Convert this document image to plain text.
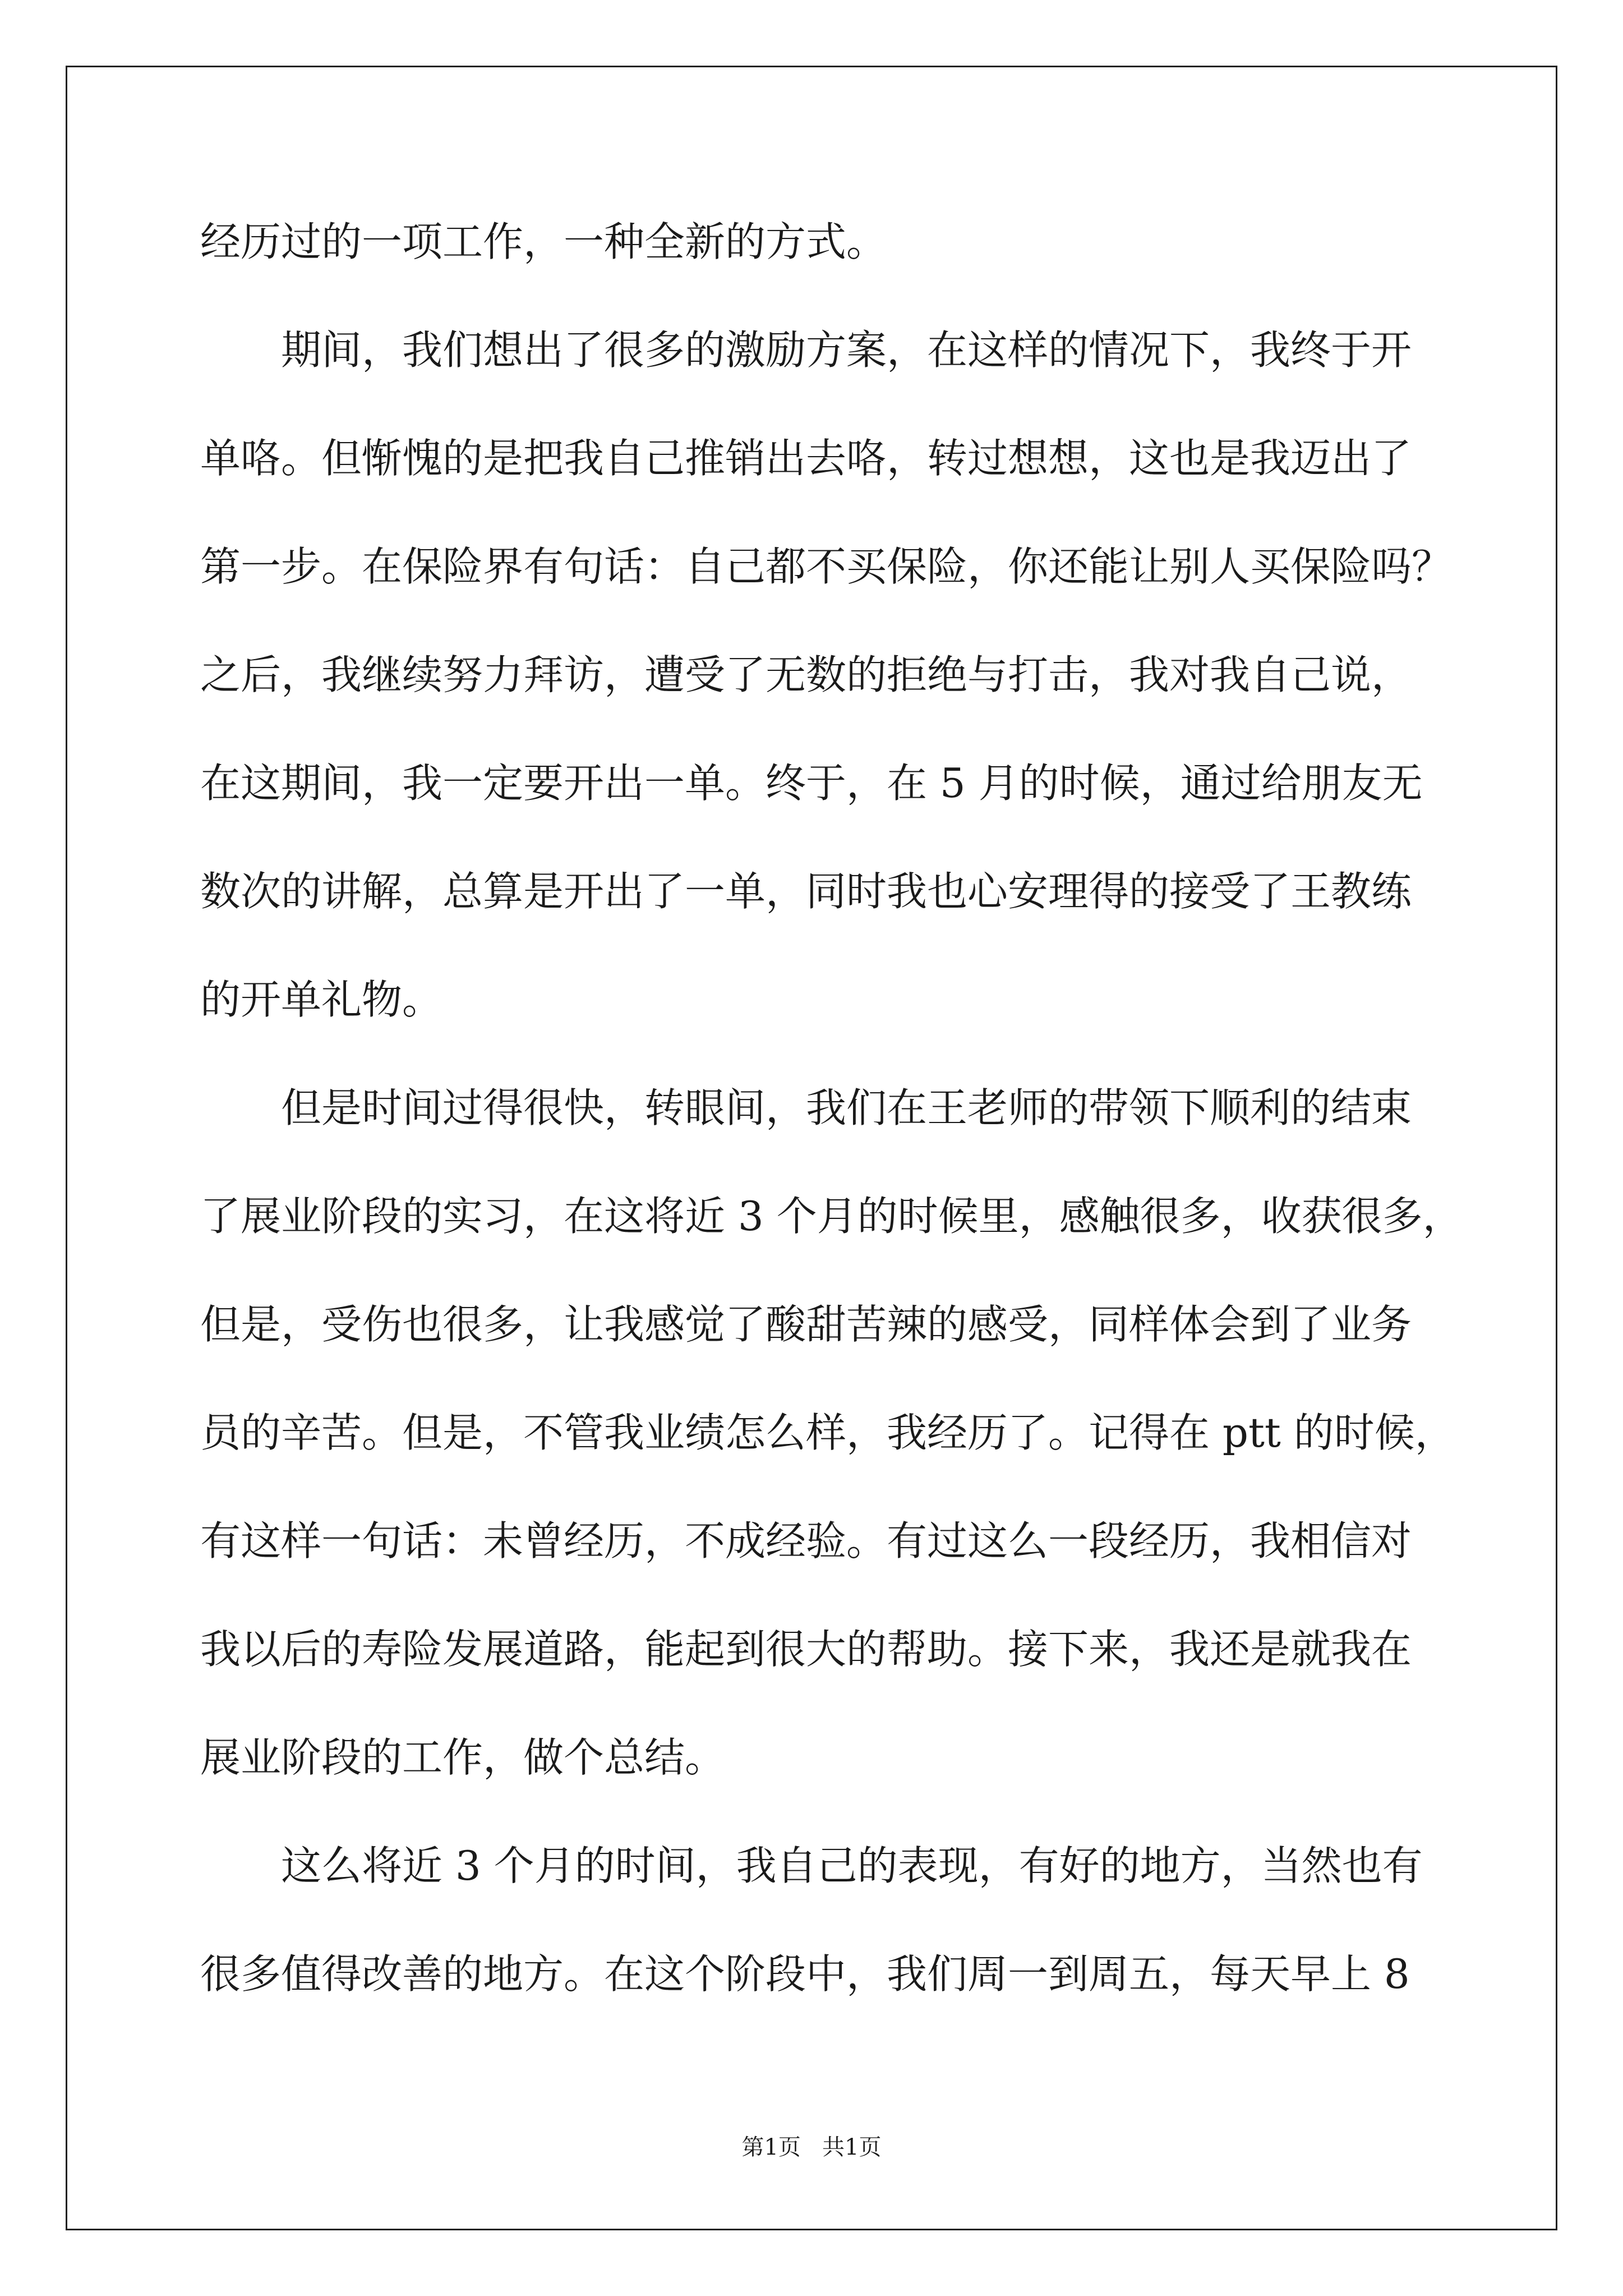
经历过的一项工作，一种全新的方式。
期间，我们想出了很多的激励方案，在这样的情况下，我终于开
单咯。但惭愧的是把我自己推销出去咯，转过想想，这也是我迈出了
第一步。在保险界有句话：自己都不买保险，你还能让别人买保险吗？
之后，我继续努力拜访，遭受了无数的拒绝与打击，我对我自己说，
在这期间，我一定要开出一单。终于，在 5 月的时候，通过给朋友无
数次的讲解，总算是开出了一单，同时我也心安理得的接受了王教练
的开单礼物。
但是时间过得很快，转眼间，我们在王老师的带领下顺利的结束
了展业阶段的实习，在这将近 3 个月的时候里，感触很多，收获很多，
但是，受伤也很多，让我感觉了酸甜苦辣的感受，同样体会到了业务
员的辛苦。但是，不管我业绩怎么样，我经历了。记得在 ptt 的时候，
有这样一句话：未曾经历，不成经验。有过这么一段经历，我相信对
我以后的寿险发展道路，能起到很大的帮助。接下来，我还是就我在
展业阶段的工作，做个总结。
这么将近 3 个月的时间，我自己的表现，有好的地方，当然也有
很多值得改善的地方。在这个阶段中，我们周一到周五，每天早上 8
第1页   共1页
